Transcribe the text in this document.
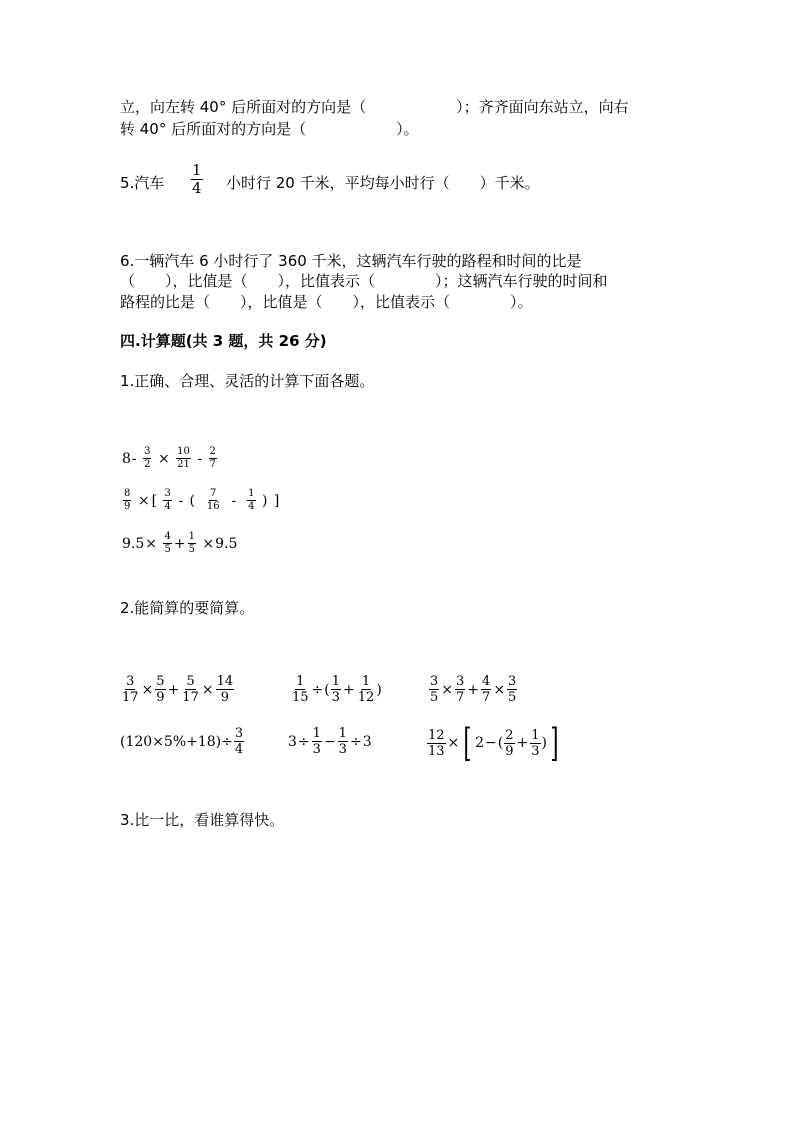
立，向左转 40° 后所面对的方向是（　　　　　　）；齐齐面向东站立，向右
转 40° 后所面对的方向是（　　　　　　）。
5.汽车 $\frac{1}{4}$ 小时行 20 千米，平均每小时行（　　）千米。
6.一辆汽车 6 小时行了 360 千米，这辆汽车行驶的路程和时间的比是
（　　），比值是（　　），比值表示（　　　　）；这辆汽车行驶的时间和
路程的比是（　　），比值是（　　），比值表示（　　　　）。
四.计算题(共 3 题，共 26 分)
1.正确、合理、灵活的计算下面各题。
8 -
$\frac{3}{2}$
×
$\frac{10}{21}$
-
$\frac{2}{7}$
$\frac{8}{9}$
× [
$\frac{3}{4}$
-
(
$\frac{7}{16}$
-
$\frac{1}{4}$
)
]
9.5 ×
$\frac{4}{5} + \frac{1}{5}$
× 9.5
2.能简算的要简算。
$\frac{3}{17} \times \frac{5}{9} + \frac{5}{17} \times \frac{14}{9}$	$\frac{1}{15}$ ÷ ( $\frac{1}{3} + \frac{1}{12}$ )	$\frac{3}{5} \times \frac{3}{7} + \frac{4}{7} \times \frac{3}{5}$
$(120\times 5\%+18)\div \frac{3}{4}$	$3 \div \frac{1}{3} - \frac{1}{3} \div 3$	$\frac{12}{13}$ × [ 2 − ( $\frac{2}{9} + \frac{1}{3}$ ) ]
3.比一比，看谁算得快。
